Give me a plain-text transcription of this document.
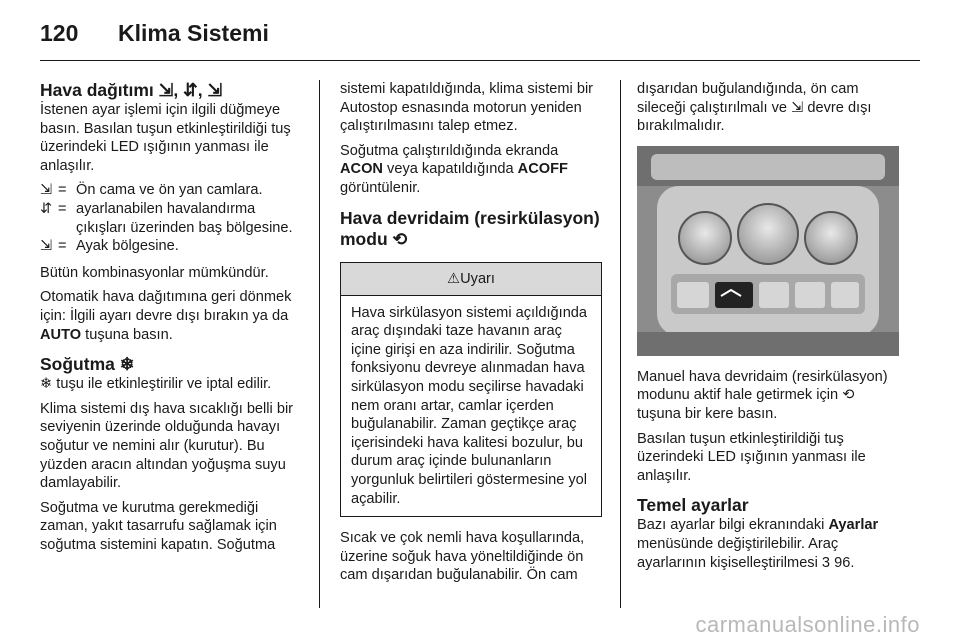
120 Klima Sistemi
Hava dağıtımı ⇲, ⇵, ⇲

İstenen ayar işlemi için ilgili düğmeye basın. Basılan tuşun etkinleştirildiği tuş üzerindeki LED ışığının yanması ile anlaşılır.

⇲ = Ön cama ve ön yan camlara.
⇵ = ayarlanabilen havalandırma çıkışları üzerinden baş bölgesine.
⇲ = Ayak bölgesine.

Bütün kombinasyonlar mümkündür.

Otomatik hava dağıtımına geri dönmek için: İlgili ayarı devre dışı bırakın ya da AUTO tuşuna basın.

Soğutma ❄

❄ tuşu ile etkinleştirilir ve iptal edilir.

Klima sistemi dış hava sıcaklığı belli bir seviyenin üzerinde olduğunda havayı soğutur ve nemini alır (kurutur). Bu yüzden aracın altından yoğuşma suyu damlayabilir.

Soğutma ve kurutma gerekmediği zaman, yakıt tasarrufu sağlamak için soğutma sistemini kapatın. Soğutma

sistemi kapatıldığında, klima sistemi bir Autostop esnasında motorun yeniden çalıştırılmasını talep etmez.

Soğutma çalıştırıldığında ekranda ACON veya kapatıldığında ACOFF görüntülenir.

Hava devridaim (resirkülasyon) modu ⟲
⚠Uyarı
Hava sirkülasyon sistemi açıldığında araç dışındaki taze havanın araç içine girişi en aza indirilir. Soğutma fonksiyonu devreye alınmadan hava sirkülasyon modu seçilirse havadaki nem oranı artar, camlar içerden buğulanabilir. Zaman geçtikçe araç içerisindeki hava kalitesi bozulur, bu durum araç içinde bulunanların yorgunluk belirtileri göstermesine yol açabilir.

Sıcak ve çok nemli hava koşullarında, üzerine soğuk hava yöneltildiğinde ön cam dışarıdan buğulanabilir. Ön cam

dışarıdan buğulandığında, ön cam sileceği çalıştırılmalı ve ⇲ devre dışı bırakılmalıdır.

Manuel hava devridaim (resirkülasyon) modunu aktif hale getirmek için ⟲ tuşuna bir kere basın.

Basılan tuşun etkinleştirildiği tuş üzerindeki LED ışığının yanması ile anlaşılır.

Temel ayarlar

Bazı ayarlar bilgi ekranındaki Ayarlar menüsünde değiştirilebilir. Araç ayarlarının kişiselleştirilmesi 3 96.

carmanualsonline.info
